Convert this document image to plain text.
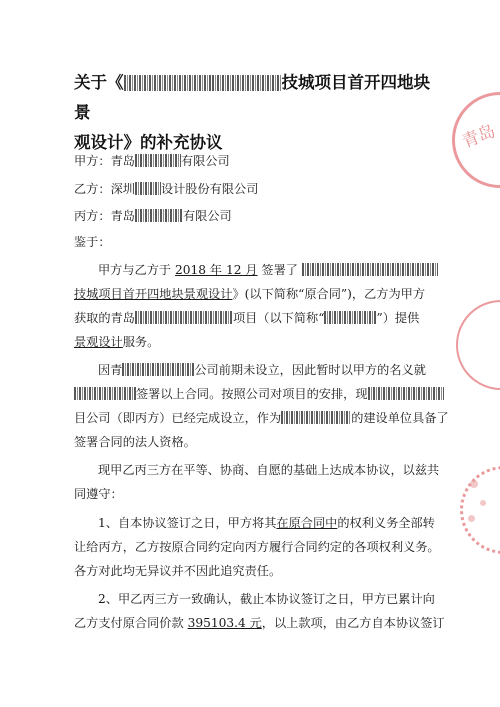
关于《	技城项目首开四地块景
观设计》的补充协议
甲方：青岛	有限公司
乙方：深圳 设计股份有限公司
丙方：青岛	有限公司
鉴于：
甲方与乙方于 2018 年 12 月 签署了
技城项目首开四地块景观设计》(以下简称“原合同”)，乙方为甲方
获取的青岛	项目（以下简称“	”）提供
景观设计服务。
因青	公司前期未设立，因此暂时以甲方的名义就
签署以上合同。按照公司对项目的安排，现
目公司（即丙方）已经完成设立，作为	的建设单位具备了
签署合同的法人资格。
现甲乙丙三方在平等、协商、自愿的基础上达成本协议，以兹共
同遵守：
1、自本协议签订之日，甲方将其在原合同中的权利义务全部转
让给丙方，乙方按原合同约定向丙方履行合同约定的各项权利义务。
各方对此均无异议并不因此追究责任。
2、甲乙丙三方一致确认，截止本协议签订之日，甲方已累计向
乙方支付原合同价款 395103.4 元，以上款项，由乙方自本协议签订
青岛
